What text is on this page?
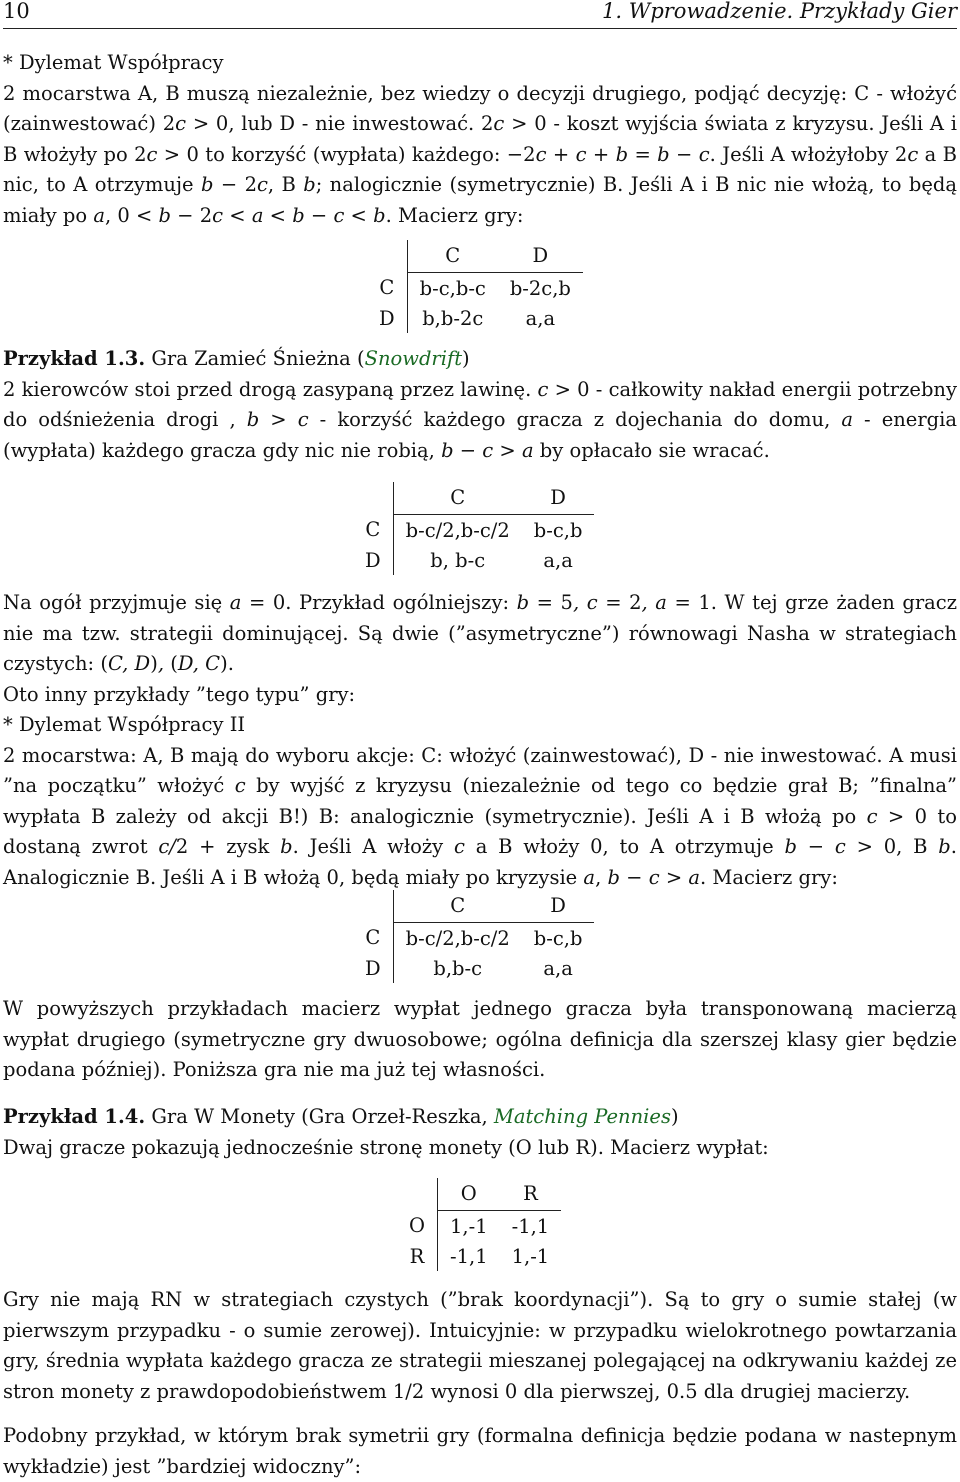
10	1. Wprowadzenie. Przykłady Gier

* Dylemat Współpracy

2 mocarstwa A, B muszą niezależnie, bez wiedzy o decyzji drugiego, podjąć decyzję: C - włożyć (zainwestować) 2c > 0, lub D - nie inwestować. 2c > 0 - koszt wyjścia świata z kryzysu. Jeśli A i B włożyły po 2c > 0 to korzyść (wypłata) każdego: −2c + c + b = b − c. Jeśli A włożyłoby 2c a B nic, to A otrzymuje b − 2c, B b; nalogicznie (symetrycznie) B. Jeśli A i B nic nie włożą, to będą miały po a, 0 < b − 2c < a < b − c < b. Macierz gry:

	C	D
C	b-c,b-c	b-2c,b
D	b,b-2c	a,a

Przykład 1.3. Gra Zamieć Śnieżna (Snowdrift)

2 kierowców stoi przed drogą zasypaną przez lawinę. c > 0 - całkowity nakład energii potrzebny do odśnieżenia drogi , b > c - korzyść każdego gracza z dojechania do domu, a - energia (wypłata) każdego gracza gdy nic nie robią, b − c > a by opłacało sie wracać.

	C	D
C	b-c/2,b-c/2	b-c,b
D	b, b-c	a,a

Na ogół przyjmuje się a = 0. Przykład ogólniejszy: b = 5, c = 2, a = 1. W tej grze żaden gracz nie ma tzw. strategii dominującej. Są dwie (”asymetryczne”) równowagi Nasha w strategiach czystych: (C, D), (D, C).

Oto inny przykłady ”tego typu” gry:

* Dylemat Współpracy II

2 mocarstwa: A, B mają do wyboru akcje: C: włożyć (zainwestować), D - nie inwestować. A musi ”na początku” włożyć c by wyjść z kryzysu (niezależnie od tego co będzie grał B; ”finalna” wypłata B zależy od akcji B!) B: analogicznie (symetrycznie). Jeśli A i B włożą po c > 0 to dostaną zwrot c/2 + zysk b. Jeśli A włoży c a B włoży 0, to A otrzymuje b − c > 0, B b. Analogicznie B. Jeśli A i B włożą 0, będą miały po kryzysie a, b − c > a. Macierz gry:

	C	D
C	b-c/2,b-c/2	b-c,b
D	b,b-c	a,a

W powyższych przykładach macierz wypłat jednego gracza była transponowaną macierzą wypłat drugiego (symetryczne gry dwuosobowe; ogólna definicja dla szerszej klasy gier będzie podana później). Poniższa gra nie ma już tej własności.

Przykład 1.4. Gra W Monety (Gra Orzeł-Reszka, Matching Pennies)

Dwaj gracze pokazują jednocześnie stronę monety (O lub R). Macierz wypłat:

	O	R
O	1,-1	-1,1
R	-1,1	1,-1

Gry nie mają RN w strategiach czystych (”brak koordynacji”). Są to gry o sumie stałej (w pierwszym przypadku - o sumie zerowej). Intuicyjnie: w przypadku wielokrotnego powtarzania gry, średnia wypłata każdego gracza ze strategii mieszanej polegającej na odkrywaniu każdej ze stron monety z prawdopodobieństwem 1/2 wynosi 0 dla pierwszej, 0.5 dla drugiej macierzy.

Podobny przykład, w którym brak symetrii gry (formalna definicja będzie podana w nastepnym wykładzie) jest ”bardziej widoczny”:
